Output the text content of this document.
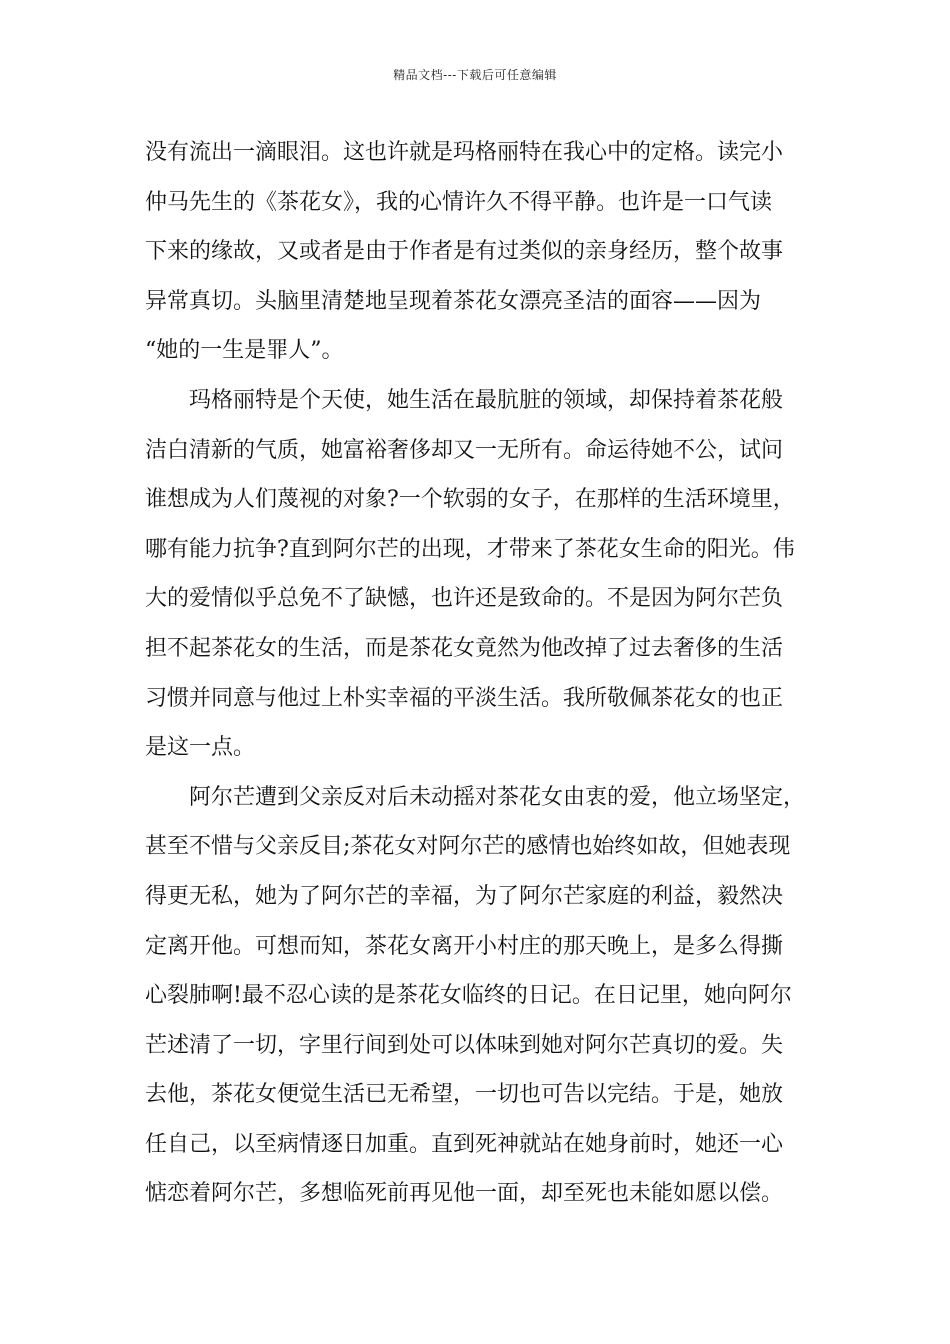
精品文档---下载后可任意编辑
没有流出一滴眼泪。这也许就是玛格丽特在我心中的定格。读完小
仲马先生的《茶花女》，我的心情许久不得平静。也许是一口气读
下来的缘故，又或者是由于作者是有过类似的亲身经历，整个故事
异常真切。头脑里清楚地呈现着茶花女漂亮圣洁的面容——因为
“她的一生是罪人”。
玛格丽特是个天使，她生活在最肮脏的领域，却保持着茶花般
洁白清新的气质，她富裕奢侈却又一无所有。命运待她不公，试问
谁想成为人们蔑视的对象?一个软弱的女子，在那样的生活环境里，
哪有能力抗争?直到阿尔芒的出现，才带来了茶花女生命的阳光。伟
大的爱情似乎总免不了缺憾，也许还是致命的。不是因为阿尔芒负
担不起茶花女的生活，而是茶花女竟然为他改掉了过去奢侈的生活
习惯并同意与他过上朴实幸福的平淡生活。我所敬佩茶花女的也正
是这一点。
阿尔芒遭到父亲反对后未动摇对茶花女由衷的爱，他立场坚定，
甚至不惜与父亲反目;茶花女对阿尔芒的感情也始终如故，但她表现
得更无私，她为了阿尔芒的幸福，为了阿尔芒家庭的利益，毅然决
定离开他。可想而知，茶花女离开小村庄的那天晚上，是多么得撕
心裂肺啊!最不忍心读的是茶花女临终的日记。在日记里，她向阿尔
芒述清了一切，字里行间到处可以体味到她对阿尔芒真切的爱。失
去他，茶花女便觉生活已无希望，一切也可告以完结。于是，她放
任自己，以至病情逐日加重。直到死神就站在她身前时，她还一心
惦恋着阿尔芒，多想临死前再见他一面，却至死也未能如愿以偿。
